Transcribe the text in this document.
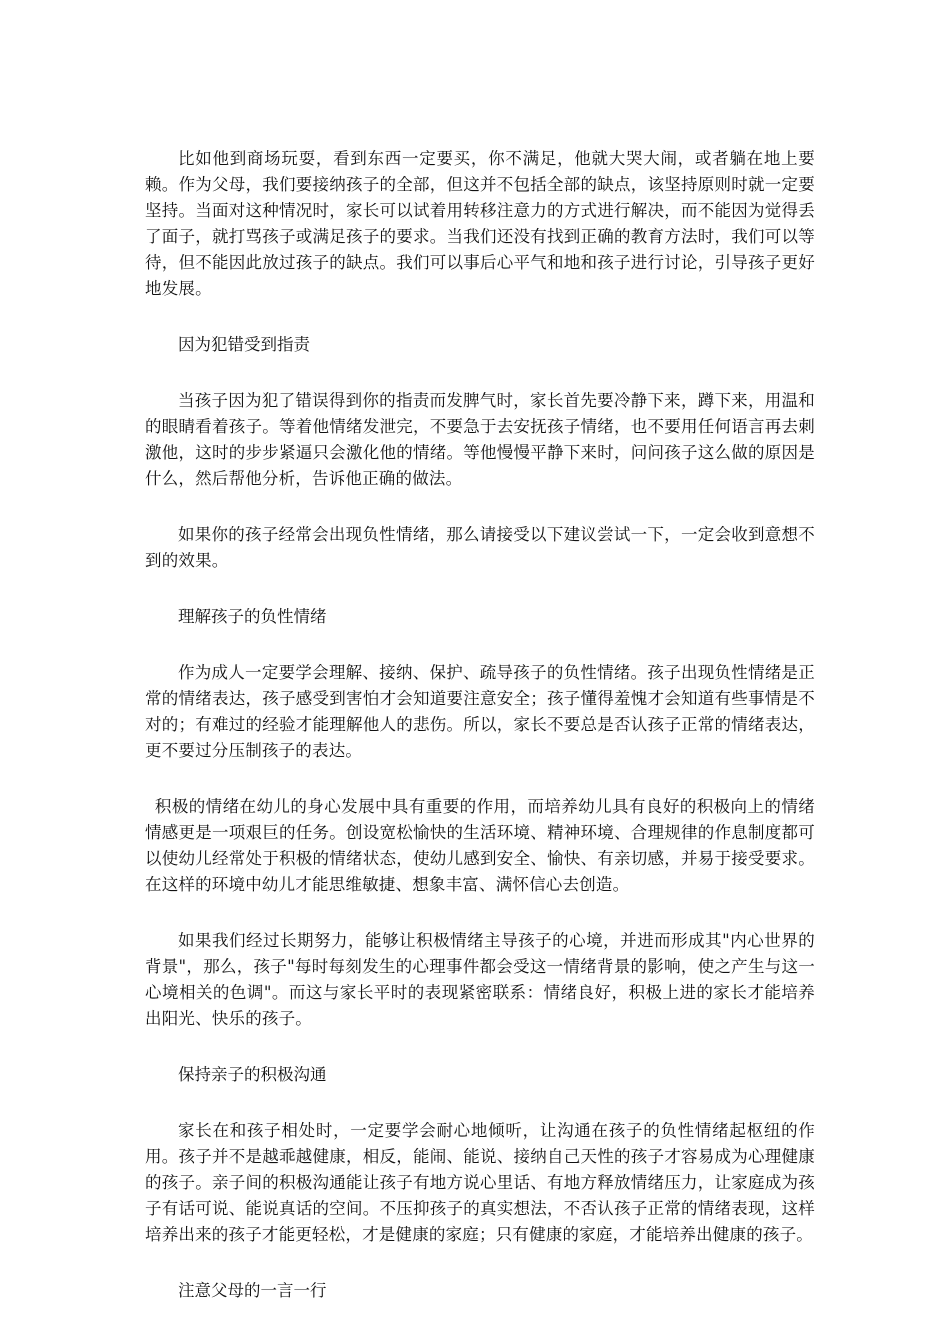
比如他到商场玩耍，看到东西一定要买，你不满足，他就大哭大闹，或者躺在地上要赖。作为父母，我们要接纳孩子的全部，但这并不包括全部的缺点，该坚持原则时就一定要坚持。当面对这种情况时，家长可以试着用转移注意力的方式进行解决，而不能因为觉得丢了面子，就打骂孩子或满足孩子的要求。当我们还没有找到正确的教育方法时，我们可以等待，但不能因此放过孩子的缺点。我们可以事后心平气和地和孩子进行讨论，引导孩子更好地发展。

因为犯错受到指责

当孩子因为犯了错误得到你的指责而发脾气时，家长首先要冷静下来，蹲下来，用温和的眼睛看着孩子。等着他情绪发泄完，不要急于去安抚孩子情绪，也不要用任何语言再去刺激他，这时的步步紧逼只会激化他的情绪。等他慢慢平静下来时，问问孩子这么做的原因是什么，然后帮他分析，告诉他正确的做法。

如果你的孩子经常会出现负性情绪，那么请接受以下建议尝试一下，一定会收到意想不到的效果。

理解孩子的负性情绪

作为成人一定要学会理解、接纳、保护、疏导孩子的负性情绪。孩子出现负性情绪是正常的情绪表达，孩子感受到害怕才会知道要注意安全；孩子懂得羞愧才会知道有些事情是不对的；有难过的经验才能理解他人的悲伤。所以，家长不要总是否认孩子正常的情绪表达，更不要过分压制孩子的表达。

积极的情绪在幼儿的身心发展中具有重要的作用，而培养幼儿具有良好的积极向上的情绪情感更是一项艰巨的任务。创设宽松愉快的生活环境、精神环境、合理规律的作息制度都可以使幼儿经常处于积极的情绪状态，使幼儿感到安全、愉快、有亲切感，并易于接受要求。在这样的环境中幼儿才能思维敏捷、想象丰富、满怀信心去创造。

如果我们经过长期努力，能够让积极情绪主导孩子的心境，并进而形成其"内心世界的背景"，那么，孩子"每时每刻发生的心理事件都会受这一情绪背景的影响，使之产生与这一心境相关的色调"。而这与家长平时的表现紧密联系：情绪良好，积极上进的家长才能培养出阳光、快乐的孩子。

保持亲子的积极沟通

家长在和孩子相处时，一定要学会耐心地倾听，让沟通在孩子的负性情绪起枢纽的作用。孩子并不是越乖越健康，相反，能闹、能说、接纳自己天性的孩子才容易成为心理健康的孩子。亲子间的积极沟通能让孩子有地方说心里话、有地方释放情绪压力，让家庭成为孩子有话可说、能说真话的空间。不压抑孩子的真实想法，不否认孩子正常的情绪表现，这样培养出来的孩子才能更轻松，才是健康的家庭；只有健康的家庭，才能培养出健康的孩子。

注意父母的一言一行
